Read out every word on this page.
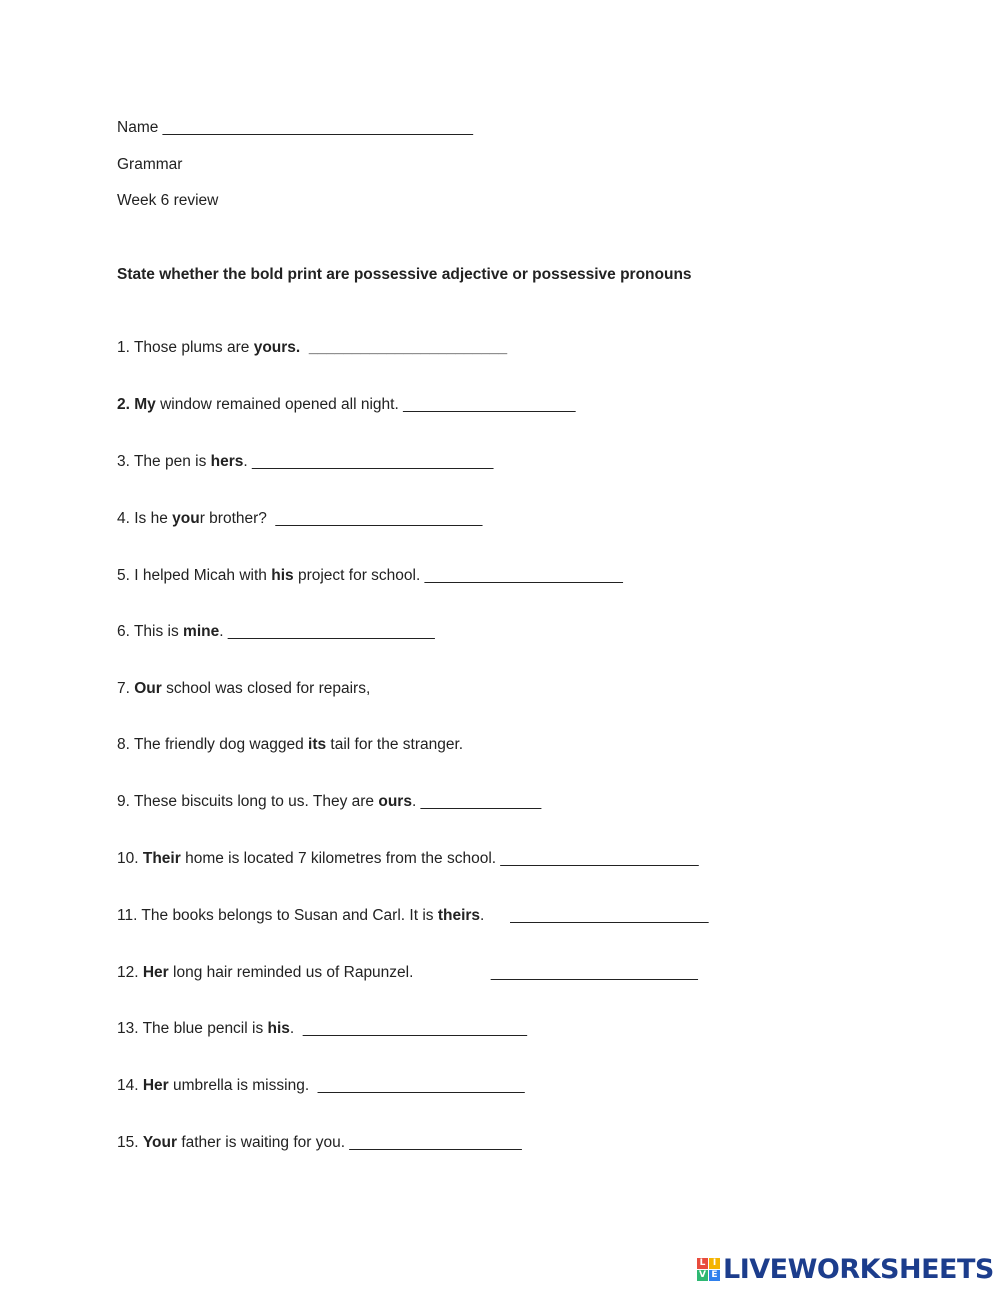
Name ____________________________________
Grammar
Week 6 review
State whether the bold print are possessive adjective or possessive pronouns
1. Those plums are yours. _______________________
2. My window remained opened all night. ____________________
3. The pen is hers. ____________________________
4. Is he your brother?  ________________________
5. I helped Micah with his project for school. _______________________
6. This is mine. ________________________
7. Our school was closed for repairs,
8. The friendly dog wagged its tail for the stranger.
9. These biscuits long to us. They are ours. ______________
10. Their home is located 7 kilometres from the school. _______________________
11. The books belongs to Susan and Carl. It is theirs.      _______________________
12. Her long hair reminded us of Rapunzel.                  ________________________
13. The blue pencil is his.  __________________________
14. Her umbrella is missing.  ________________________
15. Your father is waiting for you. ____________________
L I
V E LIVEWORKSHEETS
